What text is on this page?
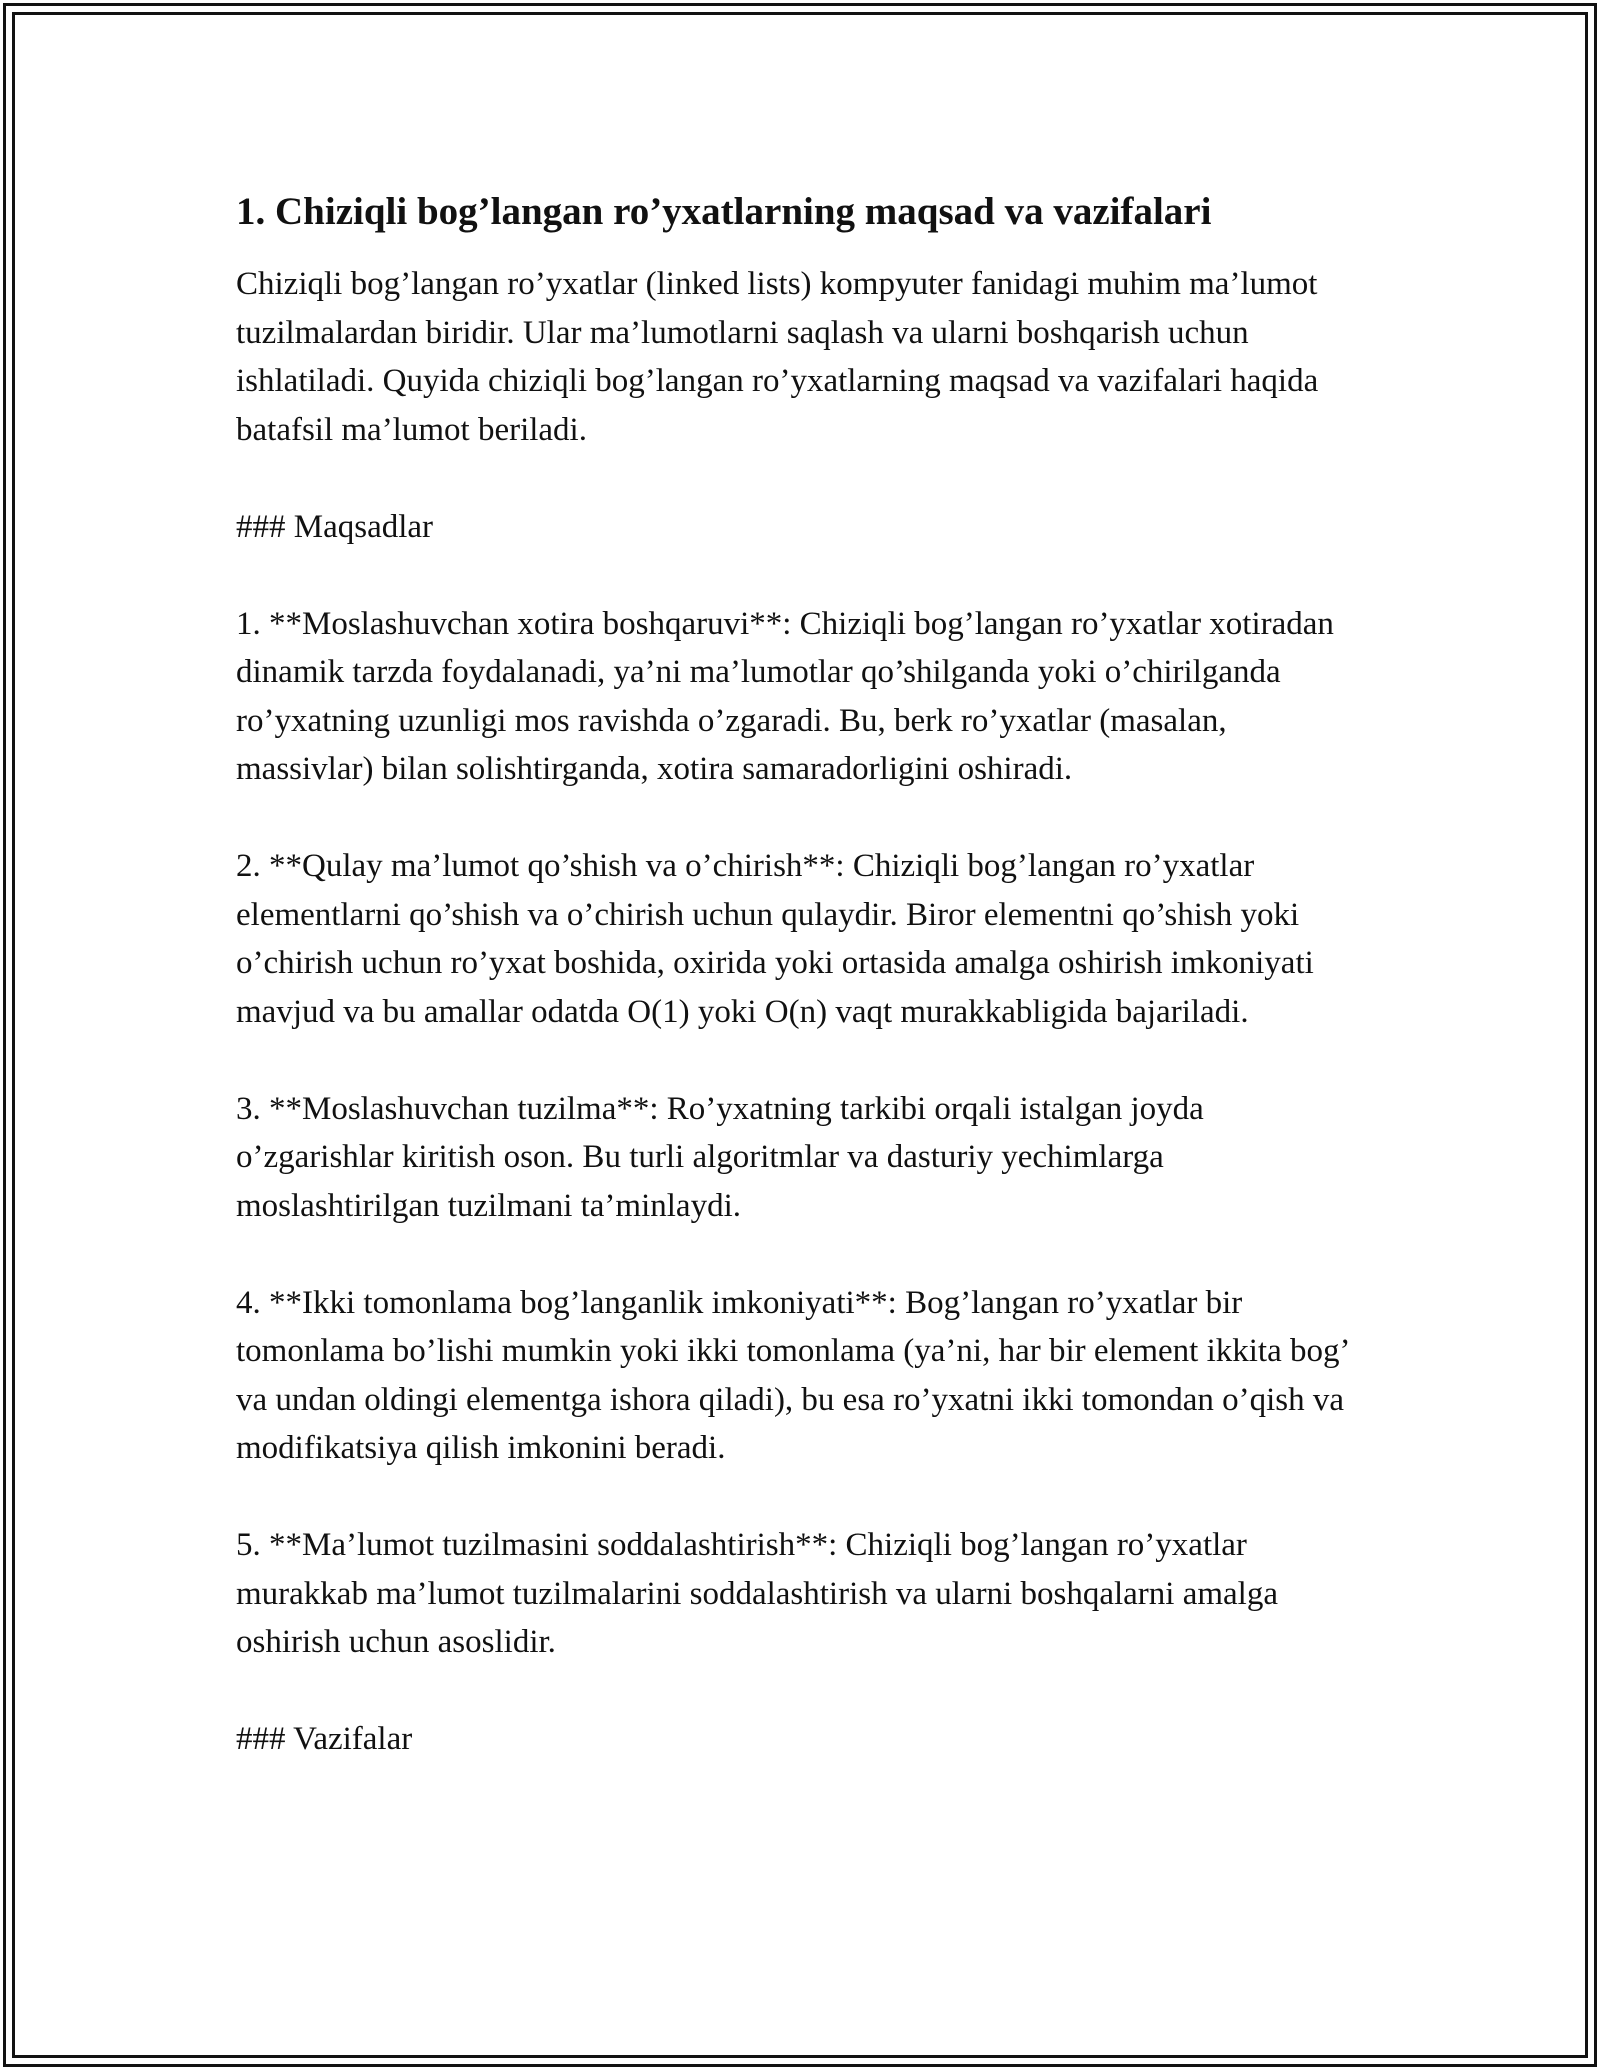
1. Chiziqli bog’langan ro’yxatlarning maqsad va vazifalari

Chiziqli bog’langan ro’yxatlar (linked lists) kompyuter fanidagi muhim ma’lumot tuzilmalardan biridir. Ular ma’lumotlarni saqlash va ularni boshqarish uchun ishlatiladi. Quyida chiziqli bog’langan ro’yxatlarning maqsad va vazifalari haqida batafsil ma’lumot beriladi.

### Maqsadlar

1. **Moslashuvchan xotira boshqaruvi**: Chiziqli bog’langan ro’yxatlar xotiradan dinamik tarzda foydalanadi, ya’ni ma’lumotlar qo’shilganda yoki o’chirilganda ro’yxatning uzunligi mos ravishda o’zgaradi. Bu, berk ro’yxatlar (masalan, massivlar) bilan solishtirganda, xotira samaradorligini oshiradi.

2. **Qulay ma’lumot qo’shish va o’chirish**: Chiziqli bog’langan ro’yxatlar elementlarni qo’shish va o’chirish uchun qulaydir. Biror elementni qo’shish yoki o’chirish uchun ro’yxat boshida, oxirida yoki ortasida amalga oshirish imkoniyati mavjud va bu amallar odatda O(1) yoki O(n) vaqt murakkabligida bajariladi.

3. **Moslashuvchan tuzilma**: Ro’yxatning tarkibi orqali istalgan joyda o’zgarishlar kiritish oson. Bu turli algoritmlar va dasturiy yechimlarga moslashtirilgan tuzilmani ta’minlaydi.

4. **Ikki tomonlama bog’langanlik imkoniyati**: Bog’langan ro’yxatlar bir tomonlama bo’lishi mumkin yoki ikki tomonlama (ya’ni, har bir element ikkita bog’ va undan oldingi elementga ishora qiladi), bu esa ro’yxatni ikki tomondan o’qish va modifikatsiya qilish imkonini beradi.

5. **Ma’lumot tuzilmasini soddalashtirish**: Chiziqli bog’langan ro’yxatlar murakkab ma’lumot tuzilmalarini soddalashtirish va ularni boshqalarni amalga oshirish uchun asoslidir.

### Vazifalar
